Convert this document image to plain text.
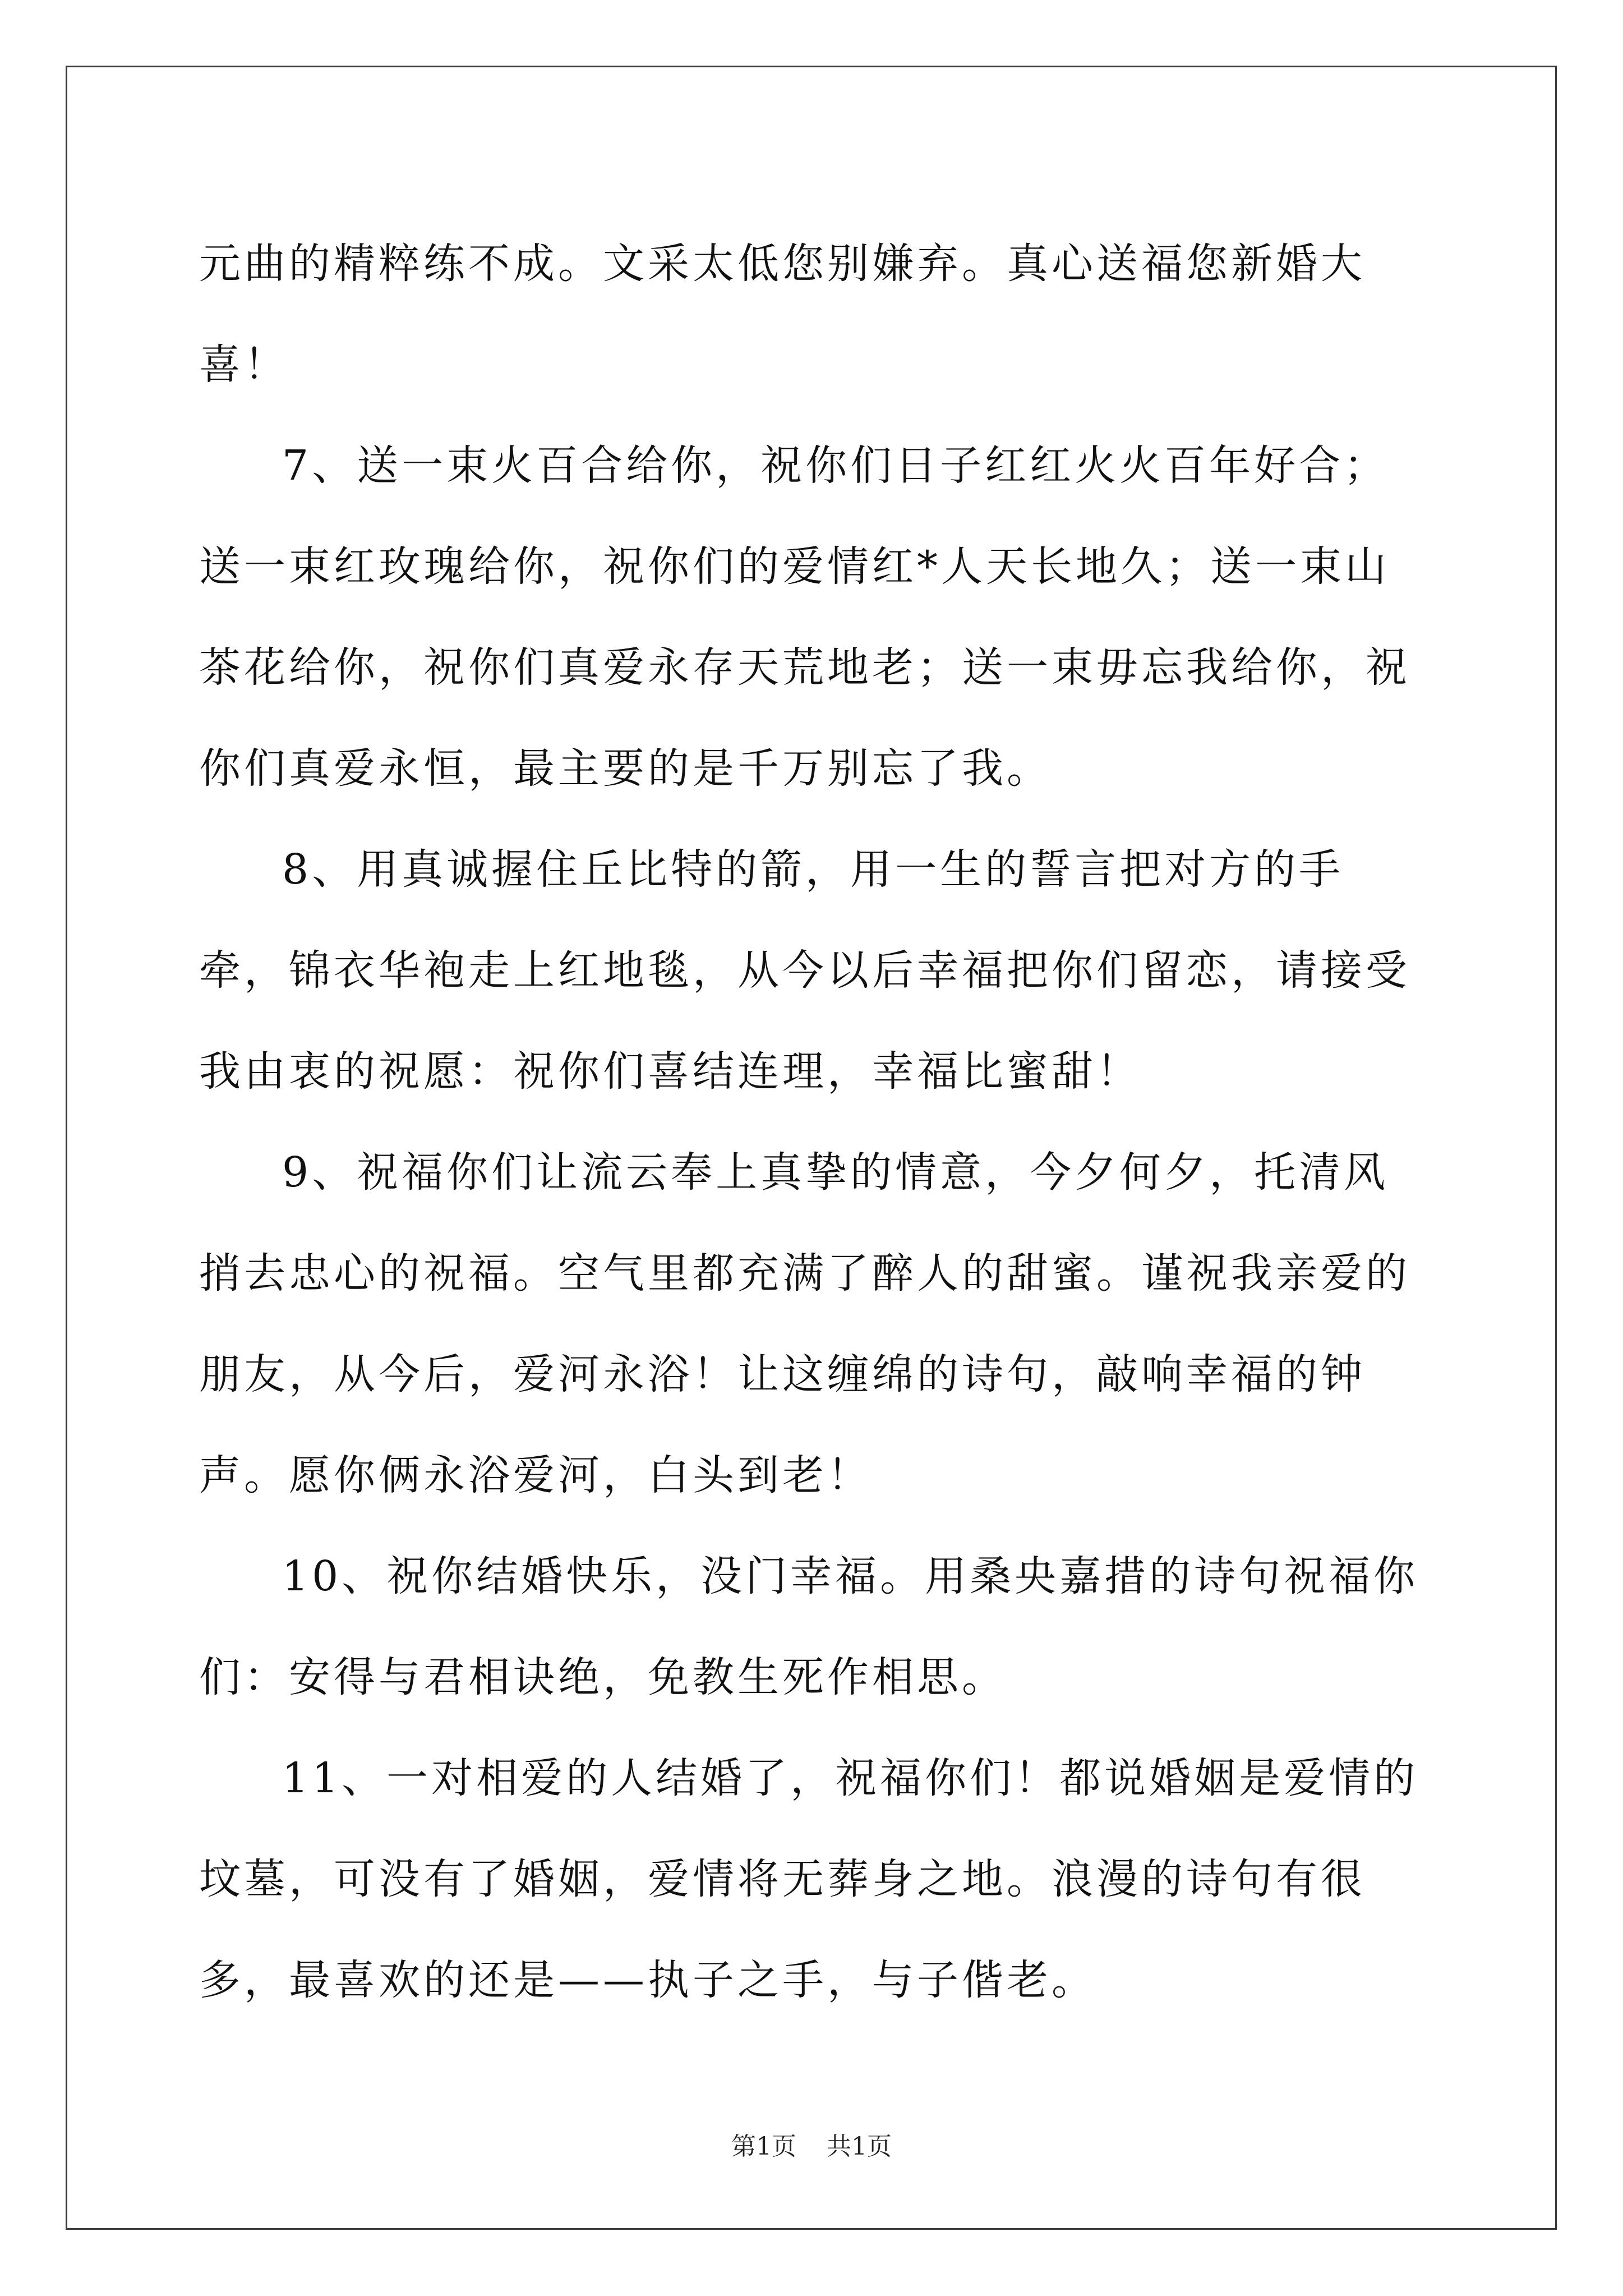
元曲的精粹练不成。文采太低您别嫌弃。真心送福您新婚大喜！

7、送一束火百合给你，祝你们日子红红火火百年好合；送一束红玫瑰给你，祝你们的爱情红*人天长地久；送一束山茶花给你，祝你们真爱永存天荒地老；送一束毋忘我给你，祝你们真爱永恒，最主要的是千万别忘了我。

8、用真诚握住丘比特的箭，用一生的誓言把对方的手牵，锦衣华袍走上红地毯，从今以后幸福把你们留恋，请接受我由衷的祝愿：祝你们喜结连理，幸福比蜜甜！

9、祝福你们让流云奉上真挚的情意，今夕何夕，托清风捎去忠心的祝福。空气里都充满了醉人的甜蜜。谨祝我亲爱的朋友，从今后，爱河永浴！让这缠绵的诗句，敲响幸福的钟声。愿你俩永浴爱河，白头到老！

10、祝你结婚快乐，没门幸福。用桑央嘉措的诗句祝福你们：安得与君相诀绝，免教生死作相思。

11、一对相爱的人结婚了，祝福你们！都说婚姻是爱情的坟墓，可没有了婚姻，爱情将无葬身之地。浪漫的诗句有很多，最喜欢的还是——执子之手，与子偕老。

第1页 共1页
